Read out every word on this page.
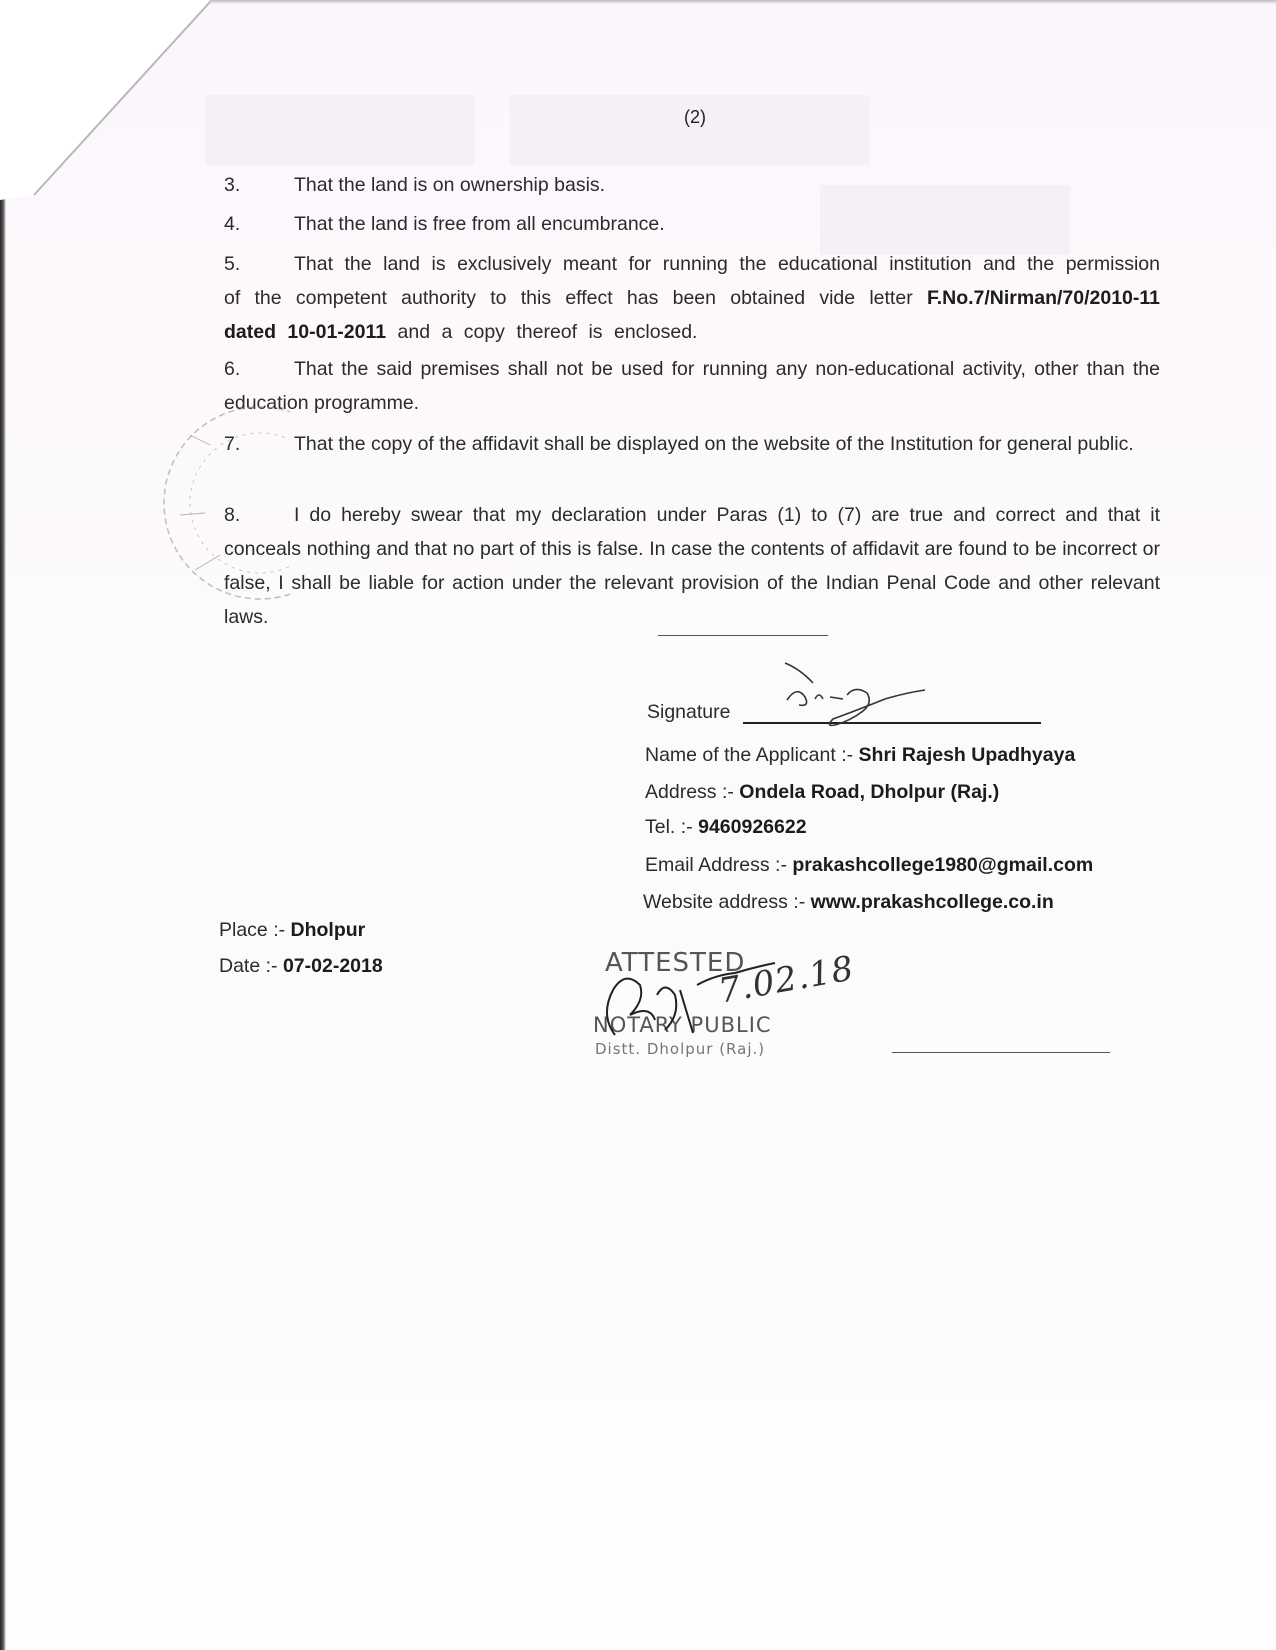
(2)
3.	That the land is on ownership basis.
4.	That the land is free from all encumbrance.
5.	That the land is exclusively meant for running the educational institution and the permission of the competent authority to this effect has been obtained vide letter F.No.7/Nirman/70/2010-11 dated 10-01-2011 and a copy thereof is enclosed.
6.	That the said premises shall not be used for running any non-educational activity, other than the education programme.
7.	That the copy of the affidavit shall be displayed on the website of the Institution for general public.
8.	I do hereby swear that my declaration under Paras (1) to (7) are true and correct and that it conceals nothing and that no part of this is false. In case the contents of affidavit are found to be incorrect or false, I shall be liable for action under the relevant provision of the Indian Penal Code and other relevant laws.
Signature
Name of the Applicant :- Shri Rajesh Upadhyaya
Address :- Ondela Road, Dholpur (Raj.)
Tel. :- 9460926622
Email Address :- prakashcollege1980@gmail.com
Website address :- www.prakashcollege.co.in
Place :- Dholpur
Date :- 07-02-2018	ATTESTED
NOTARY PUBLIC
Distt. Dholpur (Raj.)
7.02.18
